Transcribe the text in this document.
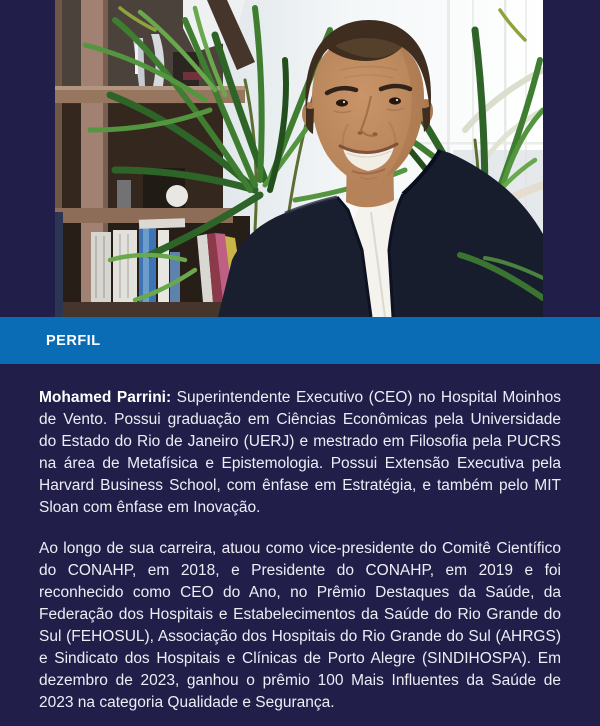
PERFIL

Mohamed Parrini: Superintendente Executivo (CEO) no Hospital Moinhos de Vento. Possui graduação em Ciências Econômicas pela Universidade do Estado do Rio de Janeiro (UERJ) e mestrado em Filosofia pela PUCRS na área de Metafísica e Epistemologia. Possui Extensão Executiva pela Harvard Business School, com ênfase em Estratégia, e também pelo MIT Sloan com ênfase em Inovação.

Ao longo de sua carreira, atuou como vice-presidente do Comitê Científico do CONAHP, em 2018, e Presidente do CONAHP, em 2019 e foi reconhecido como CEO do Ano, no Prêmio Destaques da Saúde, da Federação dos Hospitais e Estabelecimentos da Saúde do Rio Grande do Sul (FEHOSUL), Associação dos Hospitais do Rio Grande do Sul (AHRGS) e Sindicato dos Hospitais e Clínicas de Porto Alegre (SINDIHOSPA). Em dezembro de 2023, ganhou o prêmio 100 Mais Influentes da Saúde de 2023 na categoria Qualidade e Segurança.
